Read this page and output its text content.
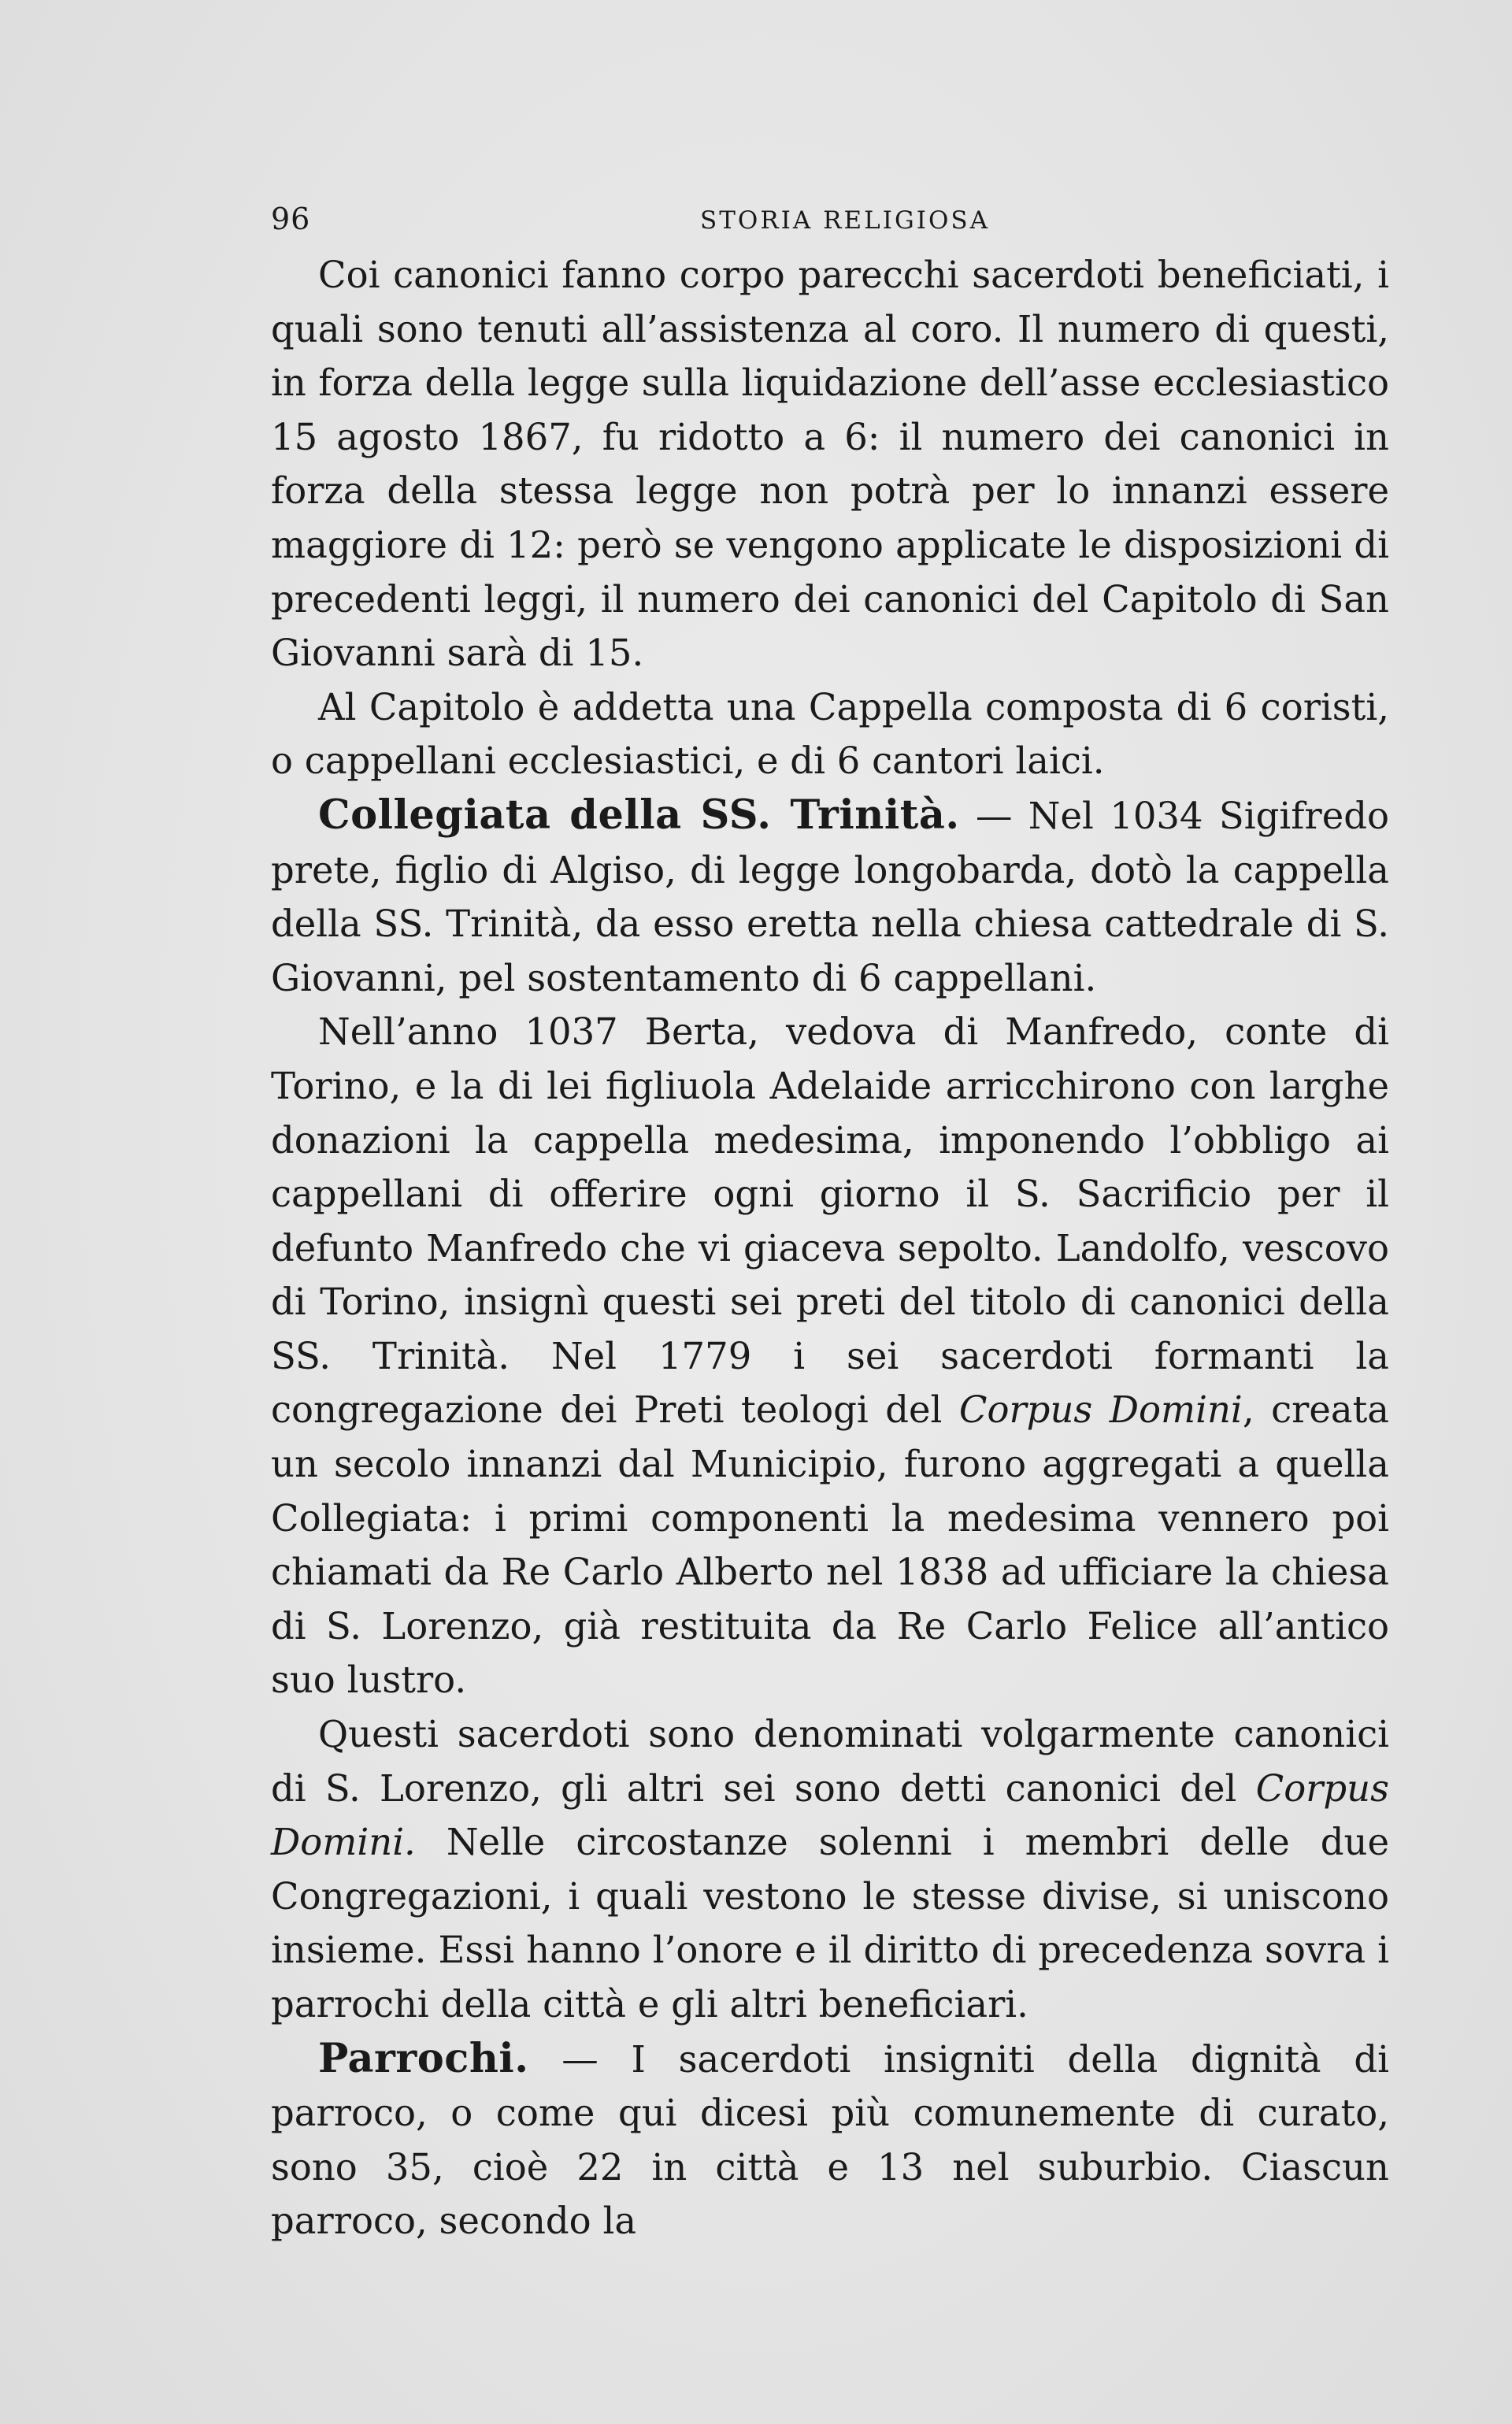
96	STORIA RELIGIOSA

Coi canonici fanno corpo parecchi sacerdoti beneficiati, i quali sono tenuti all’assistenza al coro. Il numero di questi, in forza della legge sulla liquidazione dell’asse ecclesiastico 15 agosto 1867, fu ridotto a 6: il numero dei canonici in forza della stessa legge non potrà per lo innanzi essere maggiore di 12: però se vengono applicate le disposizioni di precedenti leggi, il numero dei canonici del Capitolo di San Giovanni sarà di 15.

Al Capitolo è addetta una Cappella composta di 6 coristi, o cappellani ecclesiastici, e di 6 cantori laici.

Collegiata della SS. Trinità. — Nel 1034 Sigifredo prete, figlio di Algiso, di legge longobarda, dotò la cappella della SS. Trinità, da esso eretta nella chiesa cattedrale di S. Giovanni, pel sostentamento di 6 cappellani.

Nell’anno 1037 Berta, vedova di Manfredo, conte di Torino, e la di lei figliuola Adelaide arricchirono con larghe donazioni la cappella medesima, imponendo l’obbligo ai cappellani di offerire ogni giorno il S. Sacrificio per il defunto Manfredo che vi giaceva sepolto. Landolfo, vescovo di Torino, insignì questi sei preti del titolo di canonici della SS. Trinità. Nel 1779 i sei sacerdoti formanti la congregazione dei Preti teologi del Corpus Domini, creata un secolo innanzi dal Municipio, furono aggregati a quella Collegiata: i primi componenti la medesima vennero poi chiamati da Re Carlo Alberto nel 1838 ad ufficiare la chiesa di S. Lorenzo, già restituita da Re Carlo Felice all’antico suo lustro.

Questi sacerdoti sono denominati volgarmente canonici di S. Lorenzo, gli altri sei sono detti canonici del Corpus Domini. Nelle circostanze solenni i membri delle due Congregazioni, i quali vestono le stesse divise, si uniscono insieme. Essi hanno l’onore e il diritto di precedenza sovra i parrochi della città e gli altri beneficiari.

Parrochi. — I sacerdoti insigniti della dignità di parroco, o come qui dicesi più comunemente di curato, sono 35, cioè 22 in città e 13 nel suburbio. Ciascun parroco, secondo la
